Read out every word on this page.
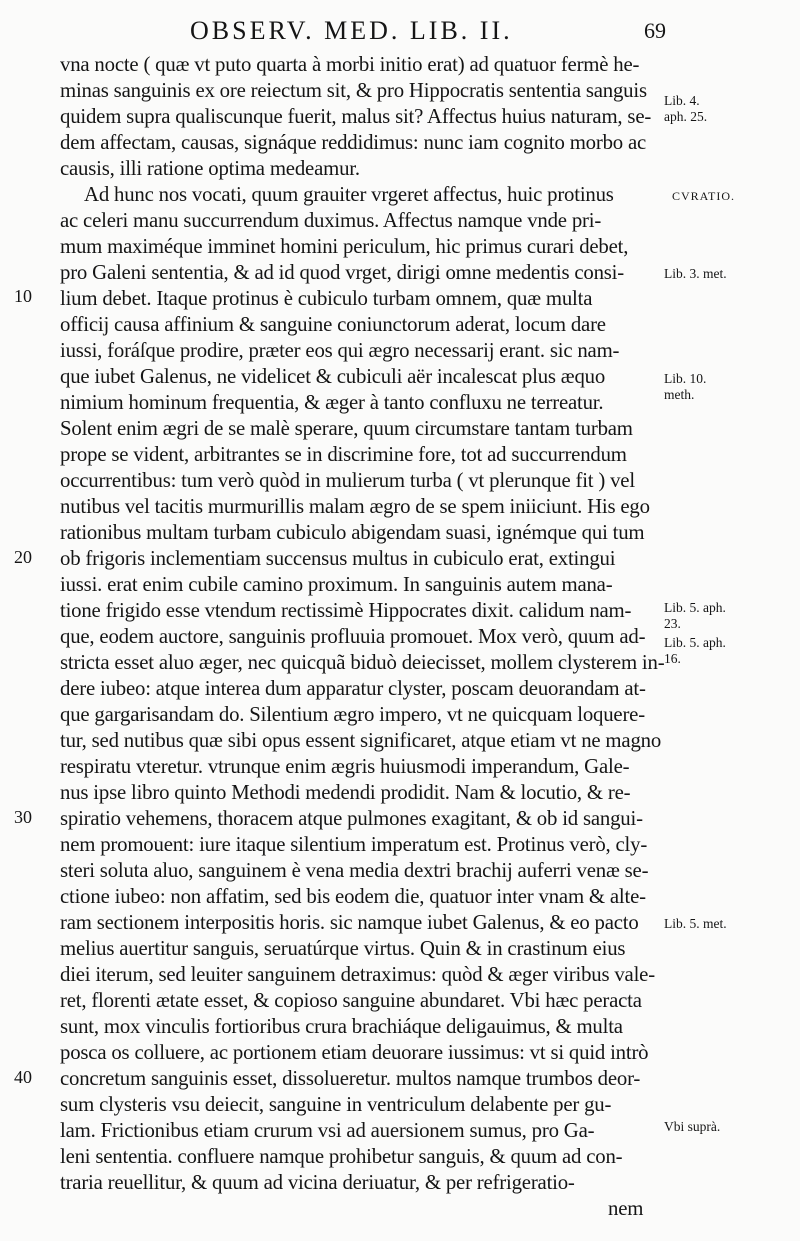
OBSERV. MED. LIB. II.	69
10
20
30
40
vna nocte ( quæ vt puto quarta à morbi initio erat) ad quatuor fermè he-
minas sanguinis ex ore reiectum sit, & pro Hippocratis sententia sanguis
quidem supra qualiscunque fuerit, malus sit? Affectus huius naturam, se-
dem affectam, causas, signáque reddidimus: nunc iam cognito morbo ac
causis, illi ratione optima medeamur.
Ad hunc nos vocati, quum grauiter vrgeret affectus, huic protinus
ac celeri manu succurrendum duximus. Affectus namque vnde pri-
mum maximéque imminet homini periculum, hic primus curari debet,
pro Galeni sententia, & ad id quod vrget, dirigi omne medentis consi-
lium debet. Itaque protinus è cubiculo turbam omnem, quæ multa
officij causa affinium & sanguine coniunctorum aderat, locum dare
iussi, foráſque prodire, præter eos qui ægro necessarij erant. sic nam-
que iubet Galenus, ne videlicet & cubiculi aër incalescat plus æquo
nimium hominum frequentia, & æger à tanto confluxu ne terreatur.
Solent enim ægri de se malè sperare, quum circumstare tantam turbam
prope se vident, arbitrantes se in discrimine fore, tot ad succurrendum
occurrentibus: tum verò quòd in mulierum turba ( vt plerunque fit ) vel
nutibus vel tacitis murmurillis malam ægro de se spem iniiciunt. His ego
rationibus multam turbam cubiculo abigendam suasi, ignémque qui tum
ob frigoris inclementiam succensus multus in cubiculo erat, extingui
iussi. erat enim cubile camino proximum. In sanguinis autem mana-
tione frigido esse vtendum rectissimè Hippocrates dixit. calidum nam-
que, eodem auctore, sanguinis profluuia promouet. Mox verò, quum ad-
stricta esset aluo æger, nec quicquã biduò deiecisset, mollem clysterem in-
dere iubeo: atque interea dum apparatur clyster, poscam deuorandam at-
que gargarisandam do. Silentium ægro impero, vt ne quicquam loquere-
tur, sed nutibus quæ sibi opus essent significaret, atque etiam vt ne magno
respiratu vteretur. vtrunque enim ægris huiusmodi imperandum, Gale-
nus ipse libro quinto Methodi medendi prodidit. Nam & locutio, & re-
spiratio vehemens, thoracem atque pulmones exagitant, & ob id sangui-
nem promouent: iure itaque silentium imperatum est. Protinus verò, cly-
steri soluta aluo, sanguinem è vena media dextri brachij auferri venæ se-
ctione iubeo: non affatim, sed bis eodem die, quatuor inter vnam & alte-
ram sectionem interpositis horis. sic namque iubet Galenus, & eo pacto
melius auertitur sanguis, seruatúrque virtus. Quin & in crastinum eius
diei iterum, sed leuiter sanguinem detraximus: quòd & æger viribus vale-
ret, florenti ætate esset, & copioso sanguine abundaret. Vbi hæc peracta
sunt, mox vinculis fortioribus crura brachiáque deligauimus, & multa
posca os colluere, ac portionem etiam deuorare iussimus: vt si quid intrò
concretum sanguinis esset, dissolueretur. multos namque trumbos deor-
sum clysteris vsu deiecit, sanguine in ventriculum delabente per gu-
lam. Frictionibus etiam crurum vsi ad auersionem sumus, pro Ga-
leni sententia. confluere namque prohibetur sanguis, & quum ad con-
traria reuellitur, & quum ad vicina deriuatur, & per refrigeratio-
nem
Lib. 4.
aph. 25.
CVRATIO.
Lib. 3. met.
Lib. 10.
meth.
Lib. 5. aph.
23.
Lib. 5. aph.
16.
Lib. 5. met.
Vbi suprà.
